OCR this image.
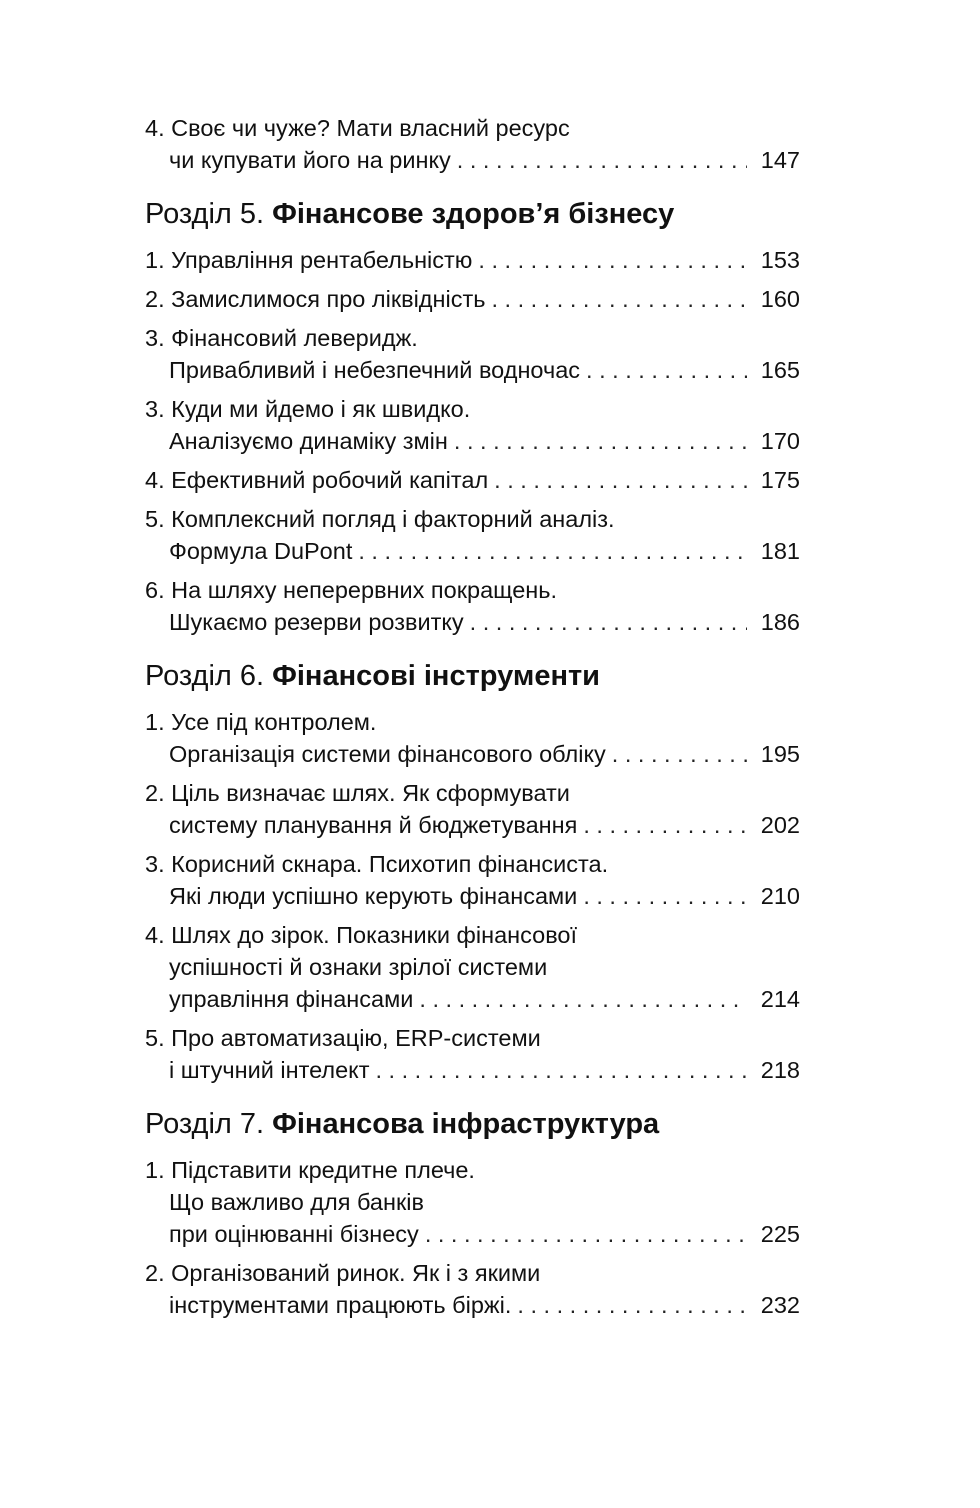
4. Своє чи чуже? Мати власний ресурс
чи купувати його на ринку . . .	147
Розділ 5. Фінансове здоров’я бізнесу
1. Управління рентабельністю . . .	153
2. Замислимося про ліквідність . . .	160
3. Фінансовий леверидж.
Привабливий і небезпечний водночас . . .	165
3. Куди ми йдемо і як швидко.
Аналізуємо динаміку змін . . .	170
4. Ефективний робочий капітал . . .	175
5. Комплексний погляд і факторний аналіз.
Формула DuPont . . .	181
6. На шляху неперервних покращень.
Шукаємо резерви розвитку . . .	186
Розділ 6. Фінансові інструменти
1. Усе під контролем.
Організація системи фінансового обліку . . .	195
2. Ціль визначає шлях. Як сформувати
систему планування й бюджетування . . .	202
3. Корисний скнара. Психотип фінансиста.
Які люди успішно керують фінансами . . .	210
4. Шлях до зірок. Показники фінансової
успішності й ознаки зрілої системи
управління фінансами . . .	214
5. Про автоматизацію, ERP-системи
і штучний інтелект . . .	218
Розділ 7. Фінансова інфраструктура
1. Підставити кредитне плече.
Що важливо для банків
при оцінюванні бізнесу . . .	225
2. Організований ринок. Як і з якими
інструментами працюють біржі. . . .	232
